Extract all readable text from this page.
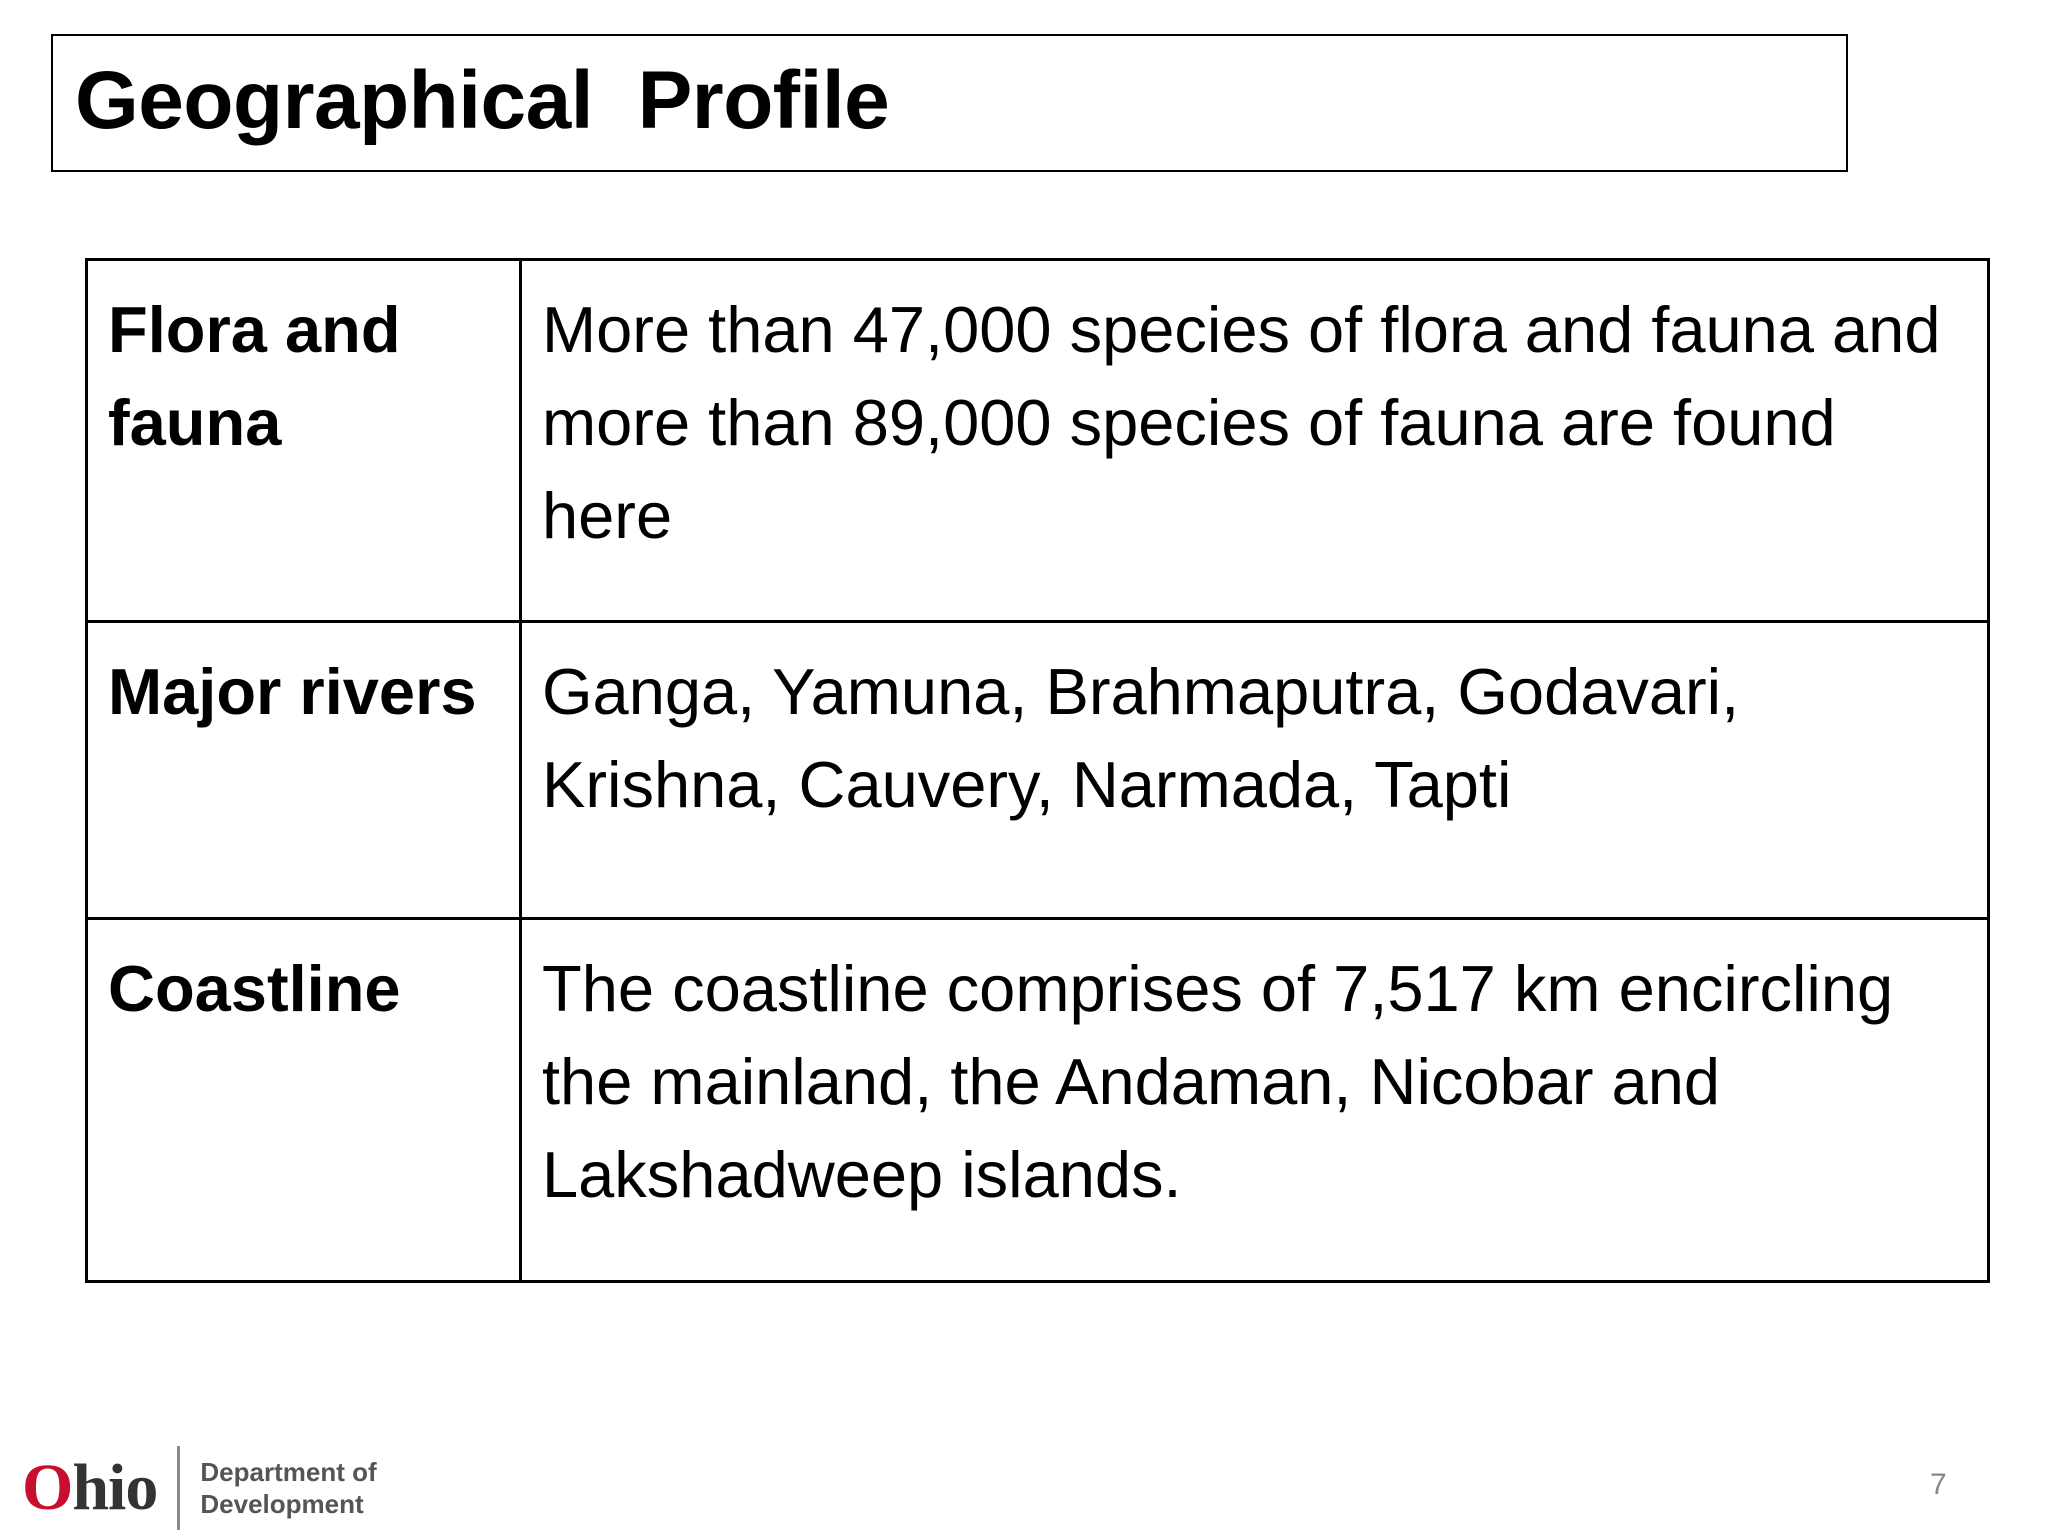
Geographical  Profile
Flora and fauna	More than 47,000 species of flora and fauna and more than 89,000 species of fauna are found here
Major rivers	Ganga, Yamuna, Brahmaputra, Godavari, Krishna, Cauvery, Narmada, Tapti
Coastline	The coastline comprises of 7,517 km encircling the mainland, the Andaman, Nicobar and Lakshadweep islands.
Ohio Department of
Development
7
